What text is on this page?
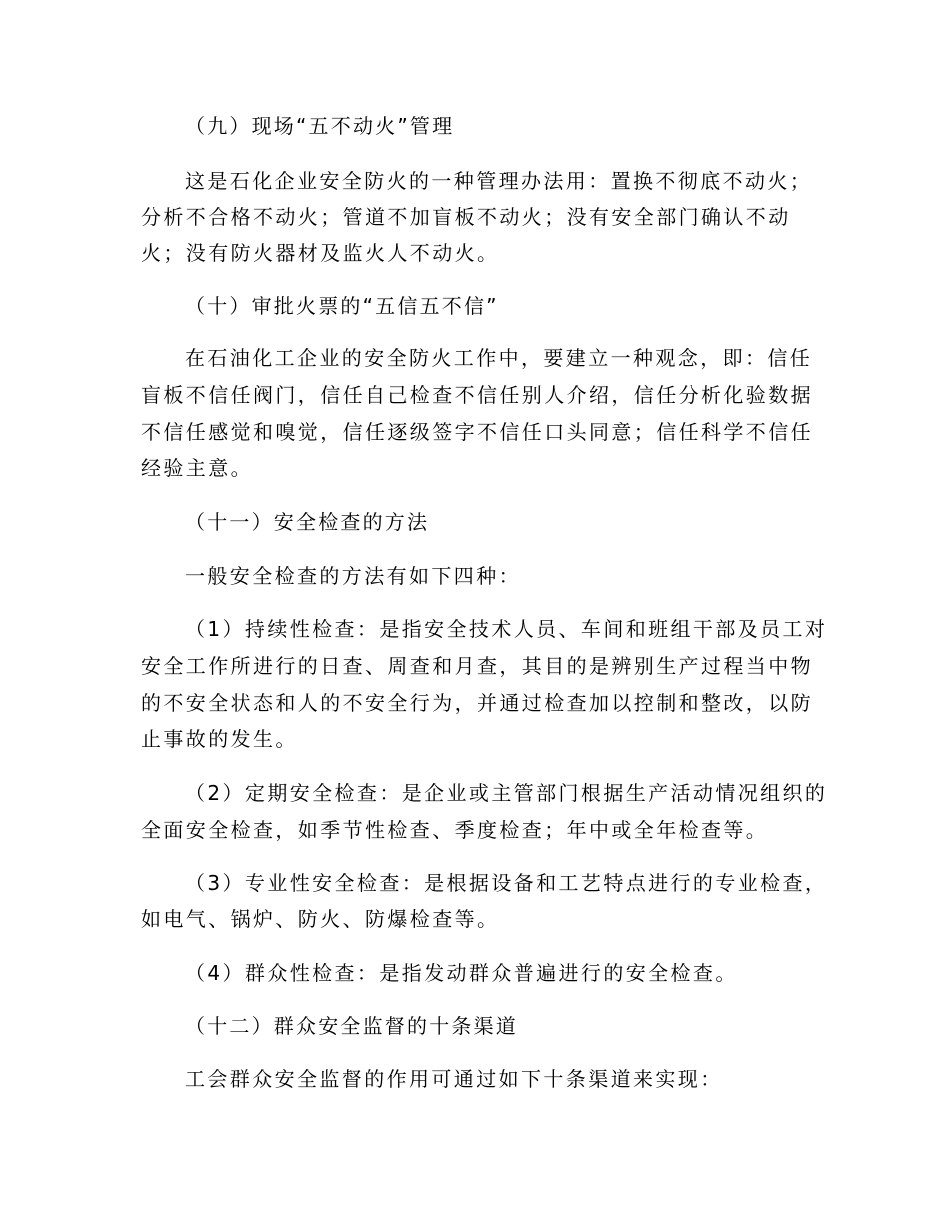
（九）现场“五不动火”管理
这是石化企业安全防火的一种管理办法用：置换不彻底不动火；
分析不合格不动火；管道不加盲板不动火；没有安全部门确认不动
火；没有防火器材及监火人不动火。
（十）审批火票的“五信五不信”
在石油化工企业的安全防火工作中，要建立一种观念，即：信任
盲板不信任阀门，信任自己检查不信任别人介绍，信任分析化验数据
不信任感觉和嗅觉，信任逐级签字不信任口头同意；信任科学不信任
经验主意。
（十一）安全检查的方法
一般安全检查的方法有如下四种：
（1）持续性检查：是指安全技术人员、车间和班组干部及员工对
安全工作所进行的日查、周查和月查，其目的是辨别生产过程当中物
的不安全状态和人的不安全行为，并通过检查加以控制和整改，以防
止事故的发生。
（2）定期安全检查：是企业或主管部门根据生产活动情况组织的
全面安全检查，如季节性检查、季度检查；年中或全年检查等。
（3）专业性安全检查：是根据设备和工艺特点进行的专业检查，
如电气、锅炉、防火、防爆检查等。
（4）群众性检查：是指发动群众普遍进行的安全检查。
（十二）群众安全监督的十条渠道
工会群众安全监督的作用可通过如下十条渠道来实现：
